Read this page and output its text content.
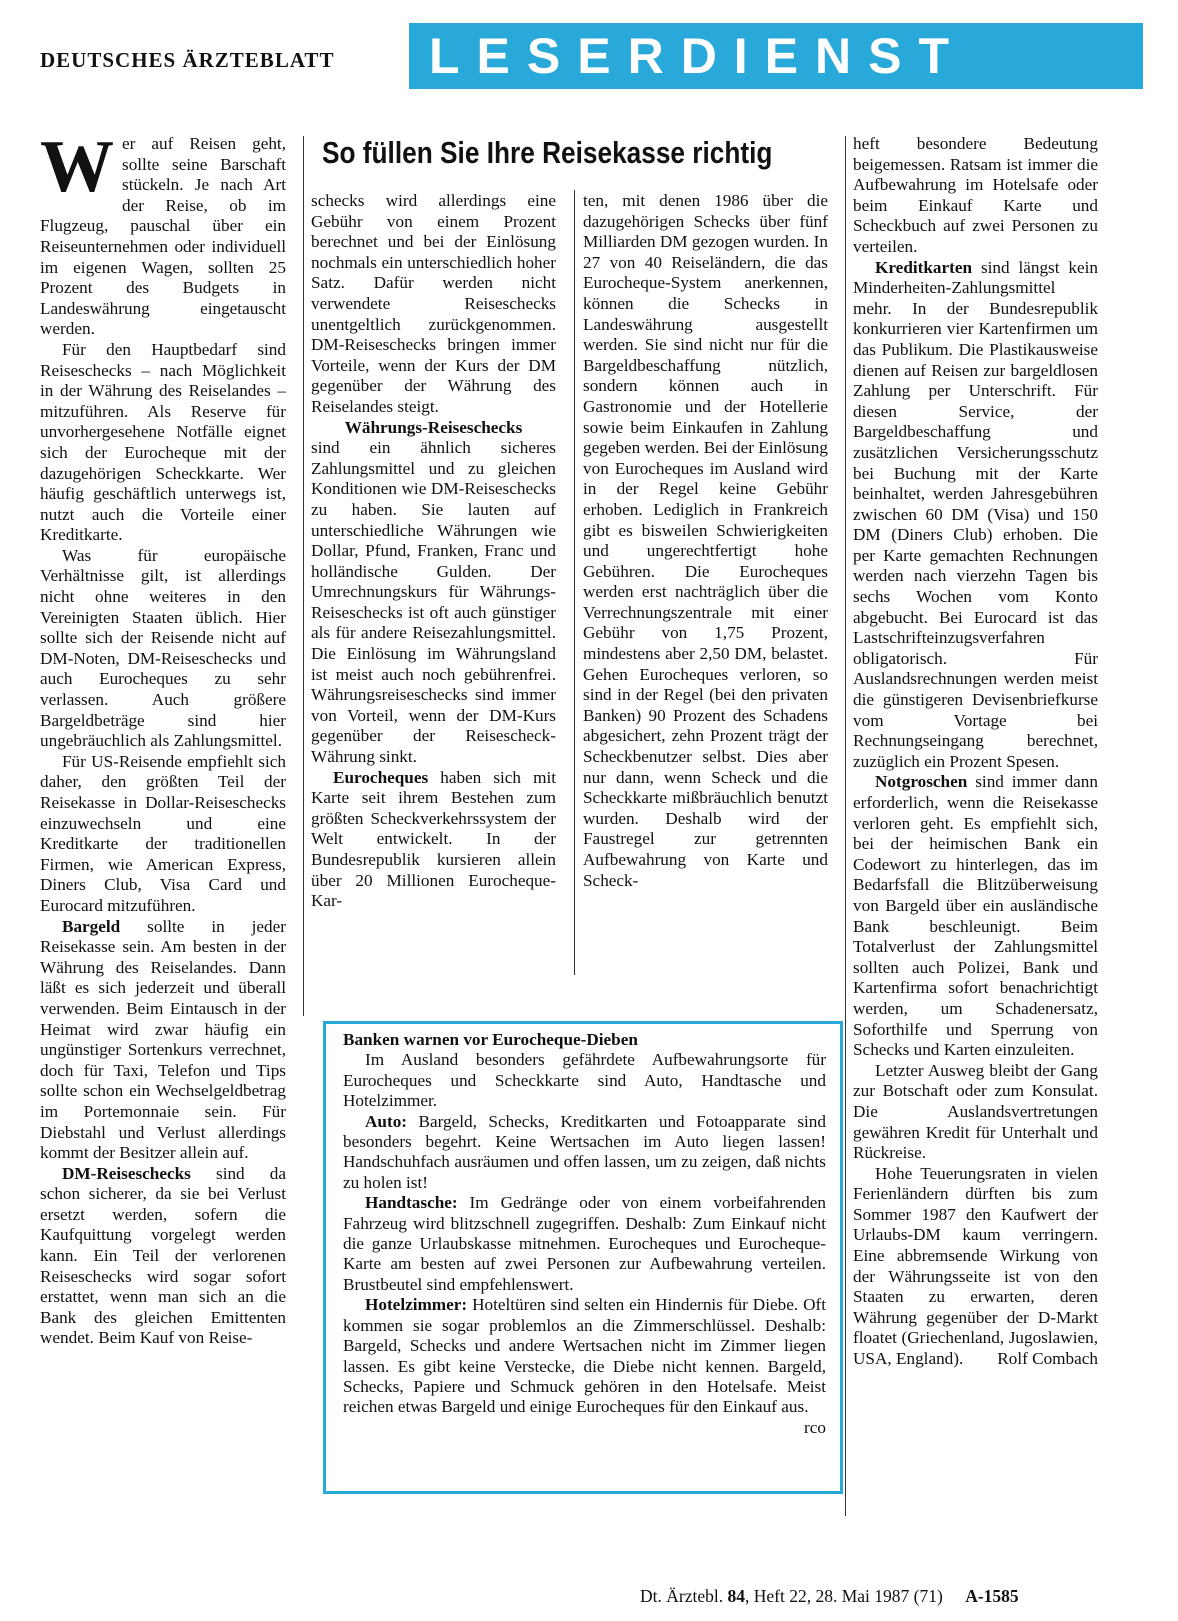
DEUTSCHES ÄRZTEBLATT	LESERDIENST
So füllen Sie Ihre Reisekasse richtig

Wer auf Reisen geht, sollte seine Barschaft stückeln. Je nach Art der Reise, ob im Flugzeug, pauschal über ein Reiseunternehmen oder individuell im eigenen Wagen, sollten 25 Prozent des Budgets in Landeswährung eingetauscht werden.

Für den Hauptbedarf sind Reiseschecks – nach Möglichkeit in der Währung des Reiselandes – mitzuführen. Als Reserve für unvorhergesehene Notfälle eignet sich der Eurocheque mit der dazugehörigen Scheckkarte. Wer häufig geschäftlich unterwegs ist, nutzt auch die Vorteile einer Kreditkarte.

Was für europäische Verhältnisse gilt, ist allerdings nicht ohne weiteres in den Vereinigten Staaten üblich. Hier sollte sich der Reisende nicht auf DM-Noten, DM-Reiseschecks und auch Eurocheques zu sehr verlassen. Auch größere Bargeldbeträge sind hier ungebräuchlich als Zahlungsmittel.

Für US-Reisende empfiehlt sich daher, den größten Teil der Reisekasse in Dollar-Reiseschecks einzuwechseln und eine Kreditkarte der traditionellen Firmen, wie American Express, Diners Club, Visa Card und Eurocard mitzuführen.

Bargeld sollte in jeder Reisekasse sein. Am besten in der Währung des Reiselandes. Dann läßt es sich jederzeit und überall verwenden. Beim Eintausch in der Heimat wird zwar häufig ein ungünstiger Sortenkurs verrechnet, doch für Taxi, Telefon und Tips sollte schon ein Wechselgeldbetrag im Portemonnaie sein. Für Diebstahl und Verlust allerdings kommt der Besitzer allein auf.

DM-Reiseschecks sind da schon sicherer, da sie bei Verlust ersetzt werden, sofern die Kaufquittung vorgelegt werden kann. Ein Teil der verlorenen Reiseschecks wird sogar sofort erstattet, wenn man sich an die Bank des gleichen Emittenten wendet. Beim Kauf von Reise-

schecks wird allerdings eine Gebühr von einem Prozent berechnet und bei der Einlösung nochmals ein unterschiedlich hoher Satz. Dafür werden nicht verwendete Reiseschecks unentgeltlich zurückgenommen. DM-Reiseschecks bringen immer Vorteile, wenn der Kurs der DM gegenüber der Währung des Reiselandes steigt.

Währungs-Reiseschecks

sind ein ähnlich sicheres Zahlungsmittel und zu gleichen Konditionen wie DM-Reiseschecks zu haben. Sie lauten auf unterschiedliche Währungen wie Dollar, Pfund, Franken, Franc und holländische Gulden. Der Umrechnungskurs für Währungs-Reiseschecks ist oft auch günstiger als für andere Reisezahlungsmittel. Die Einlösung im Währungsland ist meist auch noch gebührenfrei. Währungsreiseschecks sind immer von Vorteil, wenn der DM-Kurs gegenüber der Reisescheck-Währung sinkt.

Eurocheques haben sich mit Karte seit ihrem Bestehen zum größten Scheckverkehrssystem der Welt entwickelt. In der Bundesrepublik kursieren allein über 20 Millionen Eurocheque-Kar-

ten, mit denen 1986 über die dazugehörigen Schecks über fünf Milliarden DM gezogen wurden. In 27 von 40 Reiseländern, die das Eurocheque-System anerkennen, können die Schecks in Landeswährung ausgestellt werden. Sie sind nicht nur für die Bargeldbeschaffung nützlich, sondern können auch in Gastronomie und der Hotellerie sowie beim Einkaufen in Zahlung gegeben werden. Bei der Einlösung von Eurocheques im Ausland wird in der Regel keine Gebühr erhoben. Lediglich in Frankreich gibt es bisweilen Schwierigkeiten und ungerechtfertigt hohe Gebühren. Die Eurocheques werden erst nachträglich über die Verrechnungszentrale mit einer Gebühr von 1,75 Prozent, mindestens aber 2,50 DM, belastet. Gehen Eurocheques verloren, so sind in der Regel (bei den privaten Banken) 90 Prozent des Schadens abgesichert, zehn Prozent trägt der Scheckbenutzer selbst. Dies aber nur dann, wenn Scheck und die Scheckkarte mißbräuchlich benutzt wurden. Deshalb wird der Faustregel zur getrennten Aufbewahrung von Karte und Scheck-

heft besondere Bedeutung beigemessen. Ratsam ist immer die Aufbewahrung im Hotelsafe oder beim Einkauf Karte und Scheckbuch auf zwei Personen zu verteilen.

Kreditkarten sind längst kein Minderheiten-Zahlungsmittel mehr. In der Bundesrepublik konkurrieren vier Kartenfirmen um das Publikum. Die Plastikausweise dienen auf Reisen zur bargeldlosen Zahlung per Unterschrift. Für diesen Service, der Bargeldbeschaffung und zusätzlichen Versicherungsschutz bei Buchung mit der Karte beinhaltet, werden Jahresgebühren zwischen 60 DM (Visa) und 150 DM (Diners Club) erhoben. Die per Karte gemachten Rechnungen werden nach vierzehn Tagen bis sechs Wochen vom Konto abgebucht. Bei Eurocard ist das Lastschrifteinzugsverfahren obligatorisch. Für Auslandsrechnungen werden meist die günstigeren Devisenbriefkurse vom Vortage bei Rechnungseingang berechnet, zuzüglich ein Prozent Spesen.

Notgroschen sind immer dann erforderlich, wenn die Reisekasse verloren geht. Es empfiehlt sich, bei der heimischen Bank ein Codewort zu hinterlegen, das im Bedarfsfall die Blitzüberweisung von Bargeld über ein ausländische Bank beschleunigt. Beim Totalverlust der Zahlungsmittel sollten auch Polizei, Bank und Kartenfirma sofort benachrichtigt werden, um Schadenersatz, Soforthilfe und Sperrung von Schecks und Karten einzuleiten.

Letzter Ausweg bleibt der Gang zur Botschaft oder zum Konsulat. Die Auslandsvertretungen gewähren Kredit für Unterhalt und Rückreise.

Hohe Teuerungsraten in vielen Ferienländern dürften bis zum Sommer 1987 den Kaufwert der Urlaubs-DM kaum verringern. Eine abbremsende Wirkung von der Währungsseite ist von den Staaten zu erwarten, deren Währung gegenüber der D-Markt floatet (Griechenland, Jugoslawien, USA, England).	Rolf Combach

Banken warnen vor Eurocheque-Dieben

Im Ausland besonders gefährdete Aufbewahrungsorte für Eurocheques und Scheckkarte sind Auto, Handtasche und Hotelzimmer.

Auto: Bargeld, Schecks, Kreditkarten und Fotoapparate sind besonders begehrt. Keine Wertsachen im Auto liegen lassen! Handschuhfach ausräumen und offen lassen, um zu zeigen, daß nichts zu holen ist!

Handtasche: Im Gedränge oder von einem vorbeifahrenden Fahrzeug wird blitzschnell zugegriffen. Deshalb: Zum Einkauf nicht die ganze Urlaubskasse mitnehmen. Eurocheques und Eurocheque-Karte am besten auf zwei Personen zur Aufbewahrung verteilen. Brustbeutel sind empfehlenswert.

Hotelzimmer: Hoteltüren sind selten ein Hindernis für Diebe. Oft kommen sie sogar problemlos an die Zimmerschlüssel. Deshalb: Bargeld, Schecks und andere Wertsachen nicht im Zimmer liegen lassen. Es gibt keine Verstecke, die Diebe nicht kennen. Bargeld, Schecks, Papiere und Schmuck gehören in den Hotelsafe. Meist reichen etwas Bargeld und einige Eurocheques für den Einkauf aus.
rco

Dt. Ärztebl. 84, Heft 22, 28. Mai 1987 (71) A-1585
